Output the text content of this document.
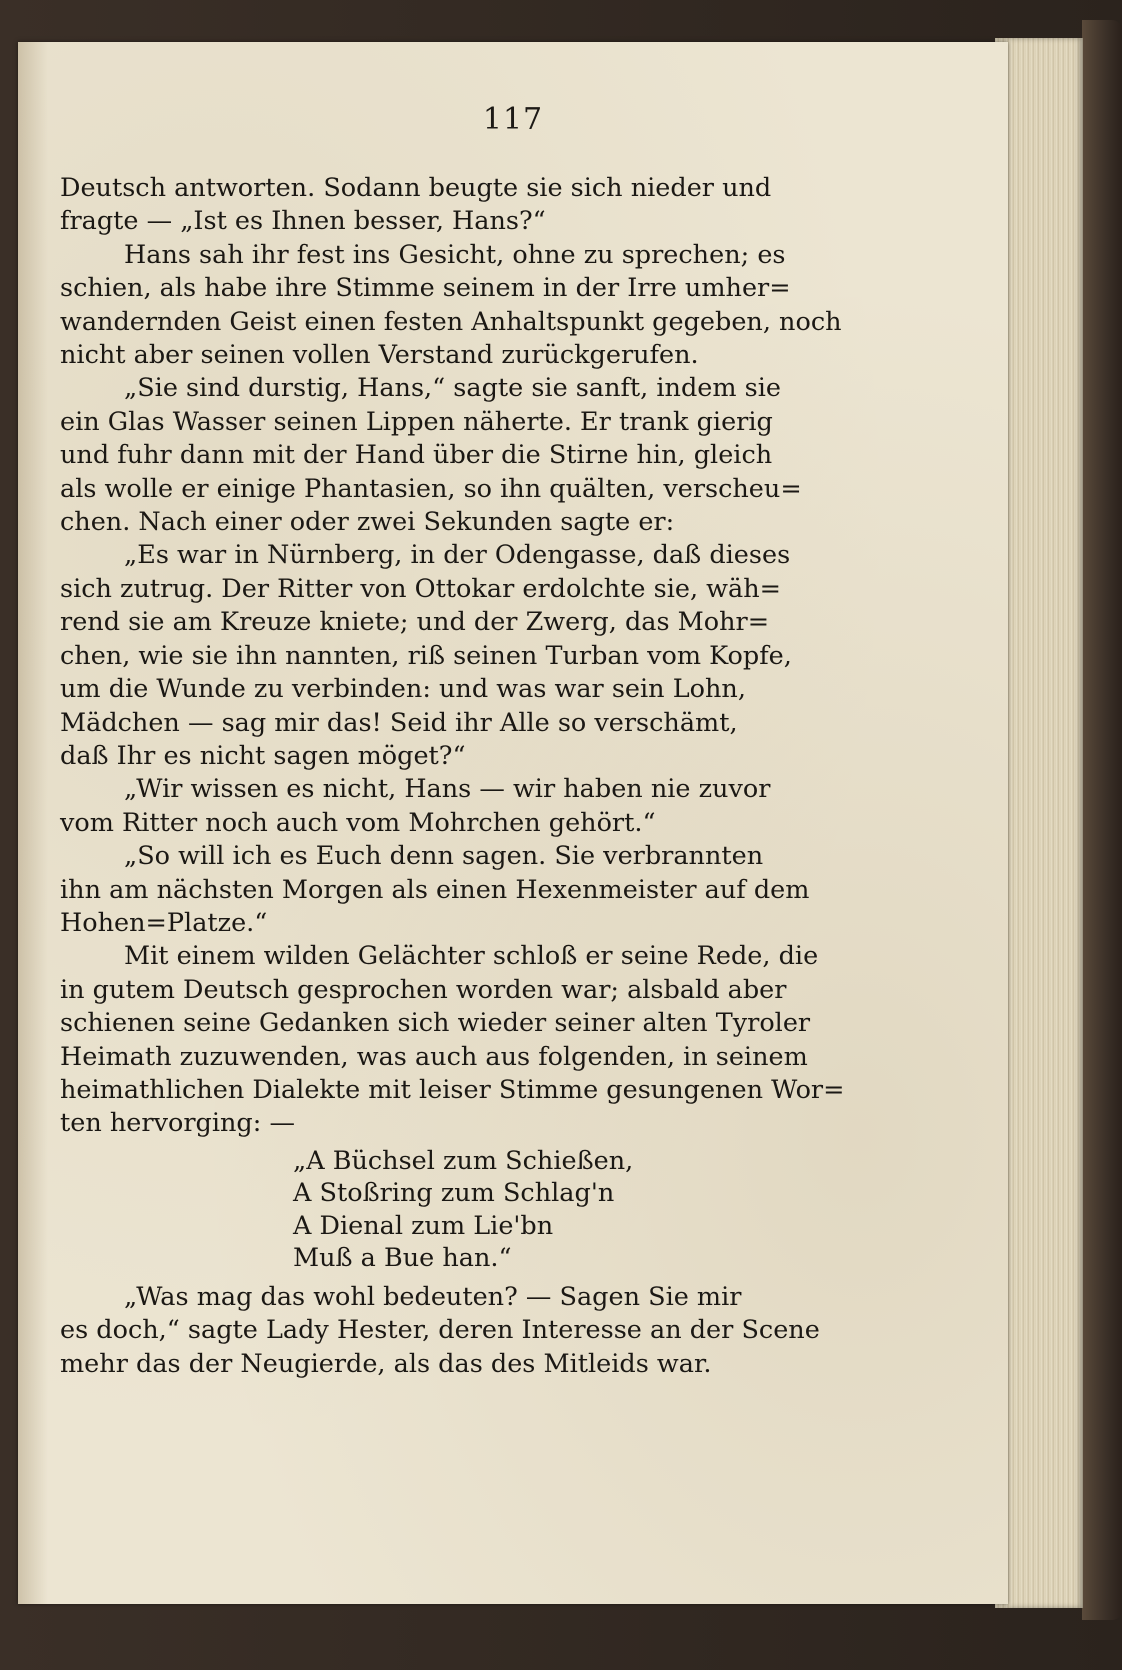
117
Deutsch antworten. Sodann beugte sie sich nieder und
fragte — „Ist es Ihnen besser, Hans?“
Hans sah ihr fest ins Gesicht, ohne zu sprechen; es
schien, als habe ihre Stimme seinem in der Irre umher=
wandernden Geist einen festen Anhaltspunkt gegeben, noch
nicht aber seinen vollen Verstand zurückgerufen.
„Sie sind durstig, Hans,“ sagte sie sanft, indem sie
ein Glas Wasser seinen Lippen näherte. Er trank gierig
und fuhr dann mit der Hand über die Stirne hin, gleich
als wolle er einige Phantasien, so ihn quälten, verscheu=
chen. Nach einer oder zwei Sekunden sagte er:
„Es war in Nürnberg, in der Odengasse, daß dieses
sich zutrug. Der Ritter von Ottokar erdolchte sie, wäh=
rend sie am Kreuze kniete; und der Zwerg, das Mohr=
chen, wie sie ihn nannten, riß seinen Turban vom Kopfe,
um die Wunde zu verbinden: und was war sein Lohn,
Mädchen — sag mir das! Seid ihr Alle so verschämt,
daß Ihr es nicht sagen möget?“
„Wir wissen es nicht, Hans — wir haben nie zuvor
vom Ritter noch auch vom Mohrchen gehört.“
„So will ich es Euch denn sagen. Sie verbrannten
ihn am nächsten Morgen als einen Hexenmeister auf dem
Hohen=Platze.“
Mit einem wilden Gelächter schloß er seine Rede, die
in gutem Deutsch gesprochen worden war; alsbald aber
schienen seine Gedanken sich wieder seiner alten Tyroler
Heimath zuzuwenden, was auch aus folgenden, in seinem
heimathlichen Dialekte mit leiser Stimme gesungenen Wor=
ten hervorging: —
„A Büchsel zum Schießen,
A Stoßring zum Schlag'n
A Dienal zum Lie'bn
Muß a Bue han.“
„Was mag das wohl bedeuten? — Sagen Sie mir
es doch,“ sagte Lady Hester, deren Interesse an der Scene
mehr das der Neugierde, als das des Mitleids war.
